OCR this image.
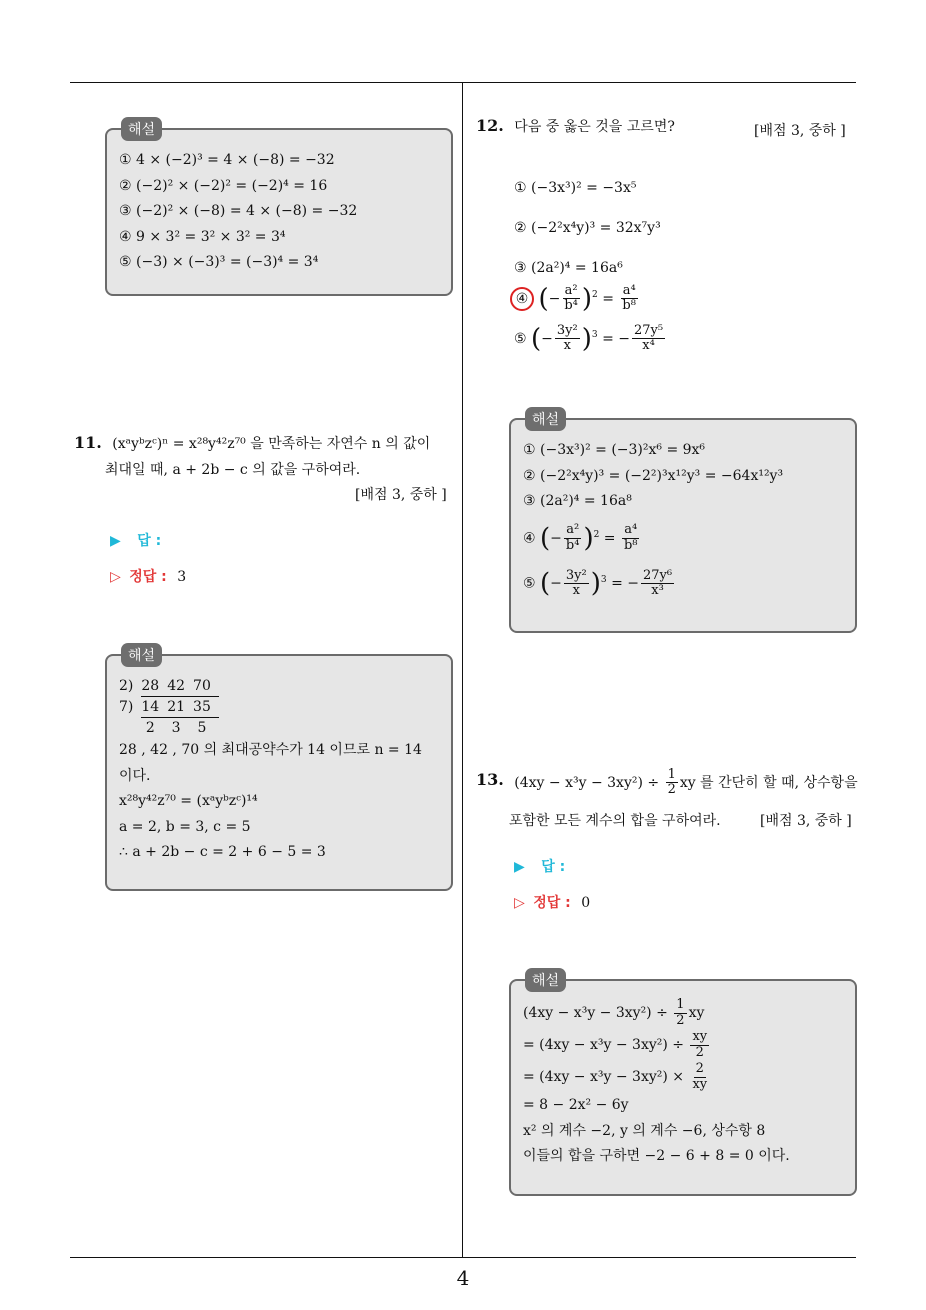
해설
① 4 × (−2)³ = 4 × (−8) = −32
② (−2)² × (−2)² = (−2)⁴ = 16
③ (−2)² × (−8) = 4 × (−8) = −32
④ 9 × 3² = 3² × 3² = 3⁴
⑤ (−3) × (−3)³ = (−3)⁴ = 3⁴
11. (xᵃyᵇzᶜ)ⁿ = x²⁸y⁴²z⁷⁰ 을 만족하는 자연수 n 의 값이
최대일 때, a + 2b − c 의 값을 구하여라.
[배점 3, 중하 ]
▶ 답 :
▷ 정답 : 3
해설
2)	28	42	70
7)	14	21	35
	2	3	5
28 , 42 , 70 의 최대공약수가 14 이므로 n = 14
이다.
x²⁸y⁴²z⁷⁰ = (xᵃyᵇzᶜ)¹⁴
a = 2, b = 3, c = 5
∴ a + 2b − c = 2 + 6 − 5 = 3
12. 다음 중 옳은 것을 고르면?	[배점 3, 중하 ]
① (−3x³)² = −3x⁵
② (−2²x⁴y)³ = 32x⁷y³
③ (2a²)⁴ = 16a⁶
④ (− $\frac{\text{a²}}{\text{b⁴}} )^2 = \frac{\text{a⁴}}{\text{b⁸}}$
⑤ (− $\frac{\text{3y²}}{x} )^3$ = − $\frac{\text{27y⁵}}{\text{x⁴}}$
해설
① (−3x³)² = (−3)²x⁶ = 9x⁶
② (−2²x⁴y)³ = (−2²)³x¹²y³ = −64x¹²y³
③ (2a²)⁴ = 16a⁸
④ (− $\frac{\text{a²}}{\text{b⁴}} )^2 = \frac{\text{a⁴}}{\text{b⁸}}$
⑤ (− $\frac{\text{3y²}}{x} )^3$ = − $\frac{\text{27y⁶}}{\text{x³}}$
13. $(4xy - x^3y - 3xy^2) \div \frac{1}{2}$ xy 를 간단히 할 때, 상수항을
포함한 모든 계수의 합을 구하여라.	[배점 3, 중하 ]
▶ 답 :
▷ 정답 : 0
해설
$(4xy - x^3y - 3xy^2) \div \frac{1}{2}$ xy
= $(4xy - x^3y - 3xy^2) \div \frac{xy}{2}$
= $(4xy - x^3y - 3xy^2) \times \frac{2}{xy}$
= 8 − 2x² − 6y
x² 의 계수 −2, y 의 계수 −6, 상수항 8
이들의 합을 구하면 −2 − 6 + 8 = 0 이다.
4
